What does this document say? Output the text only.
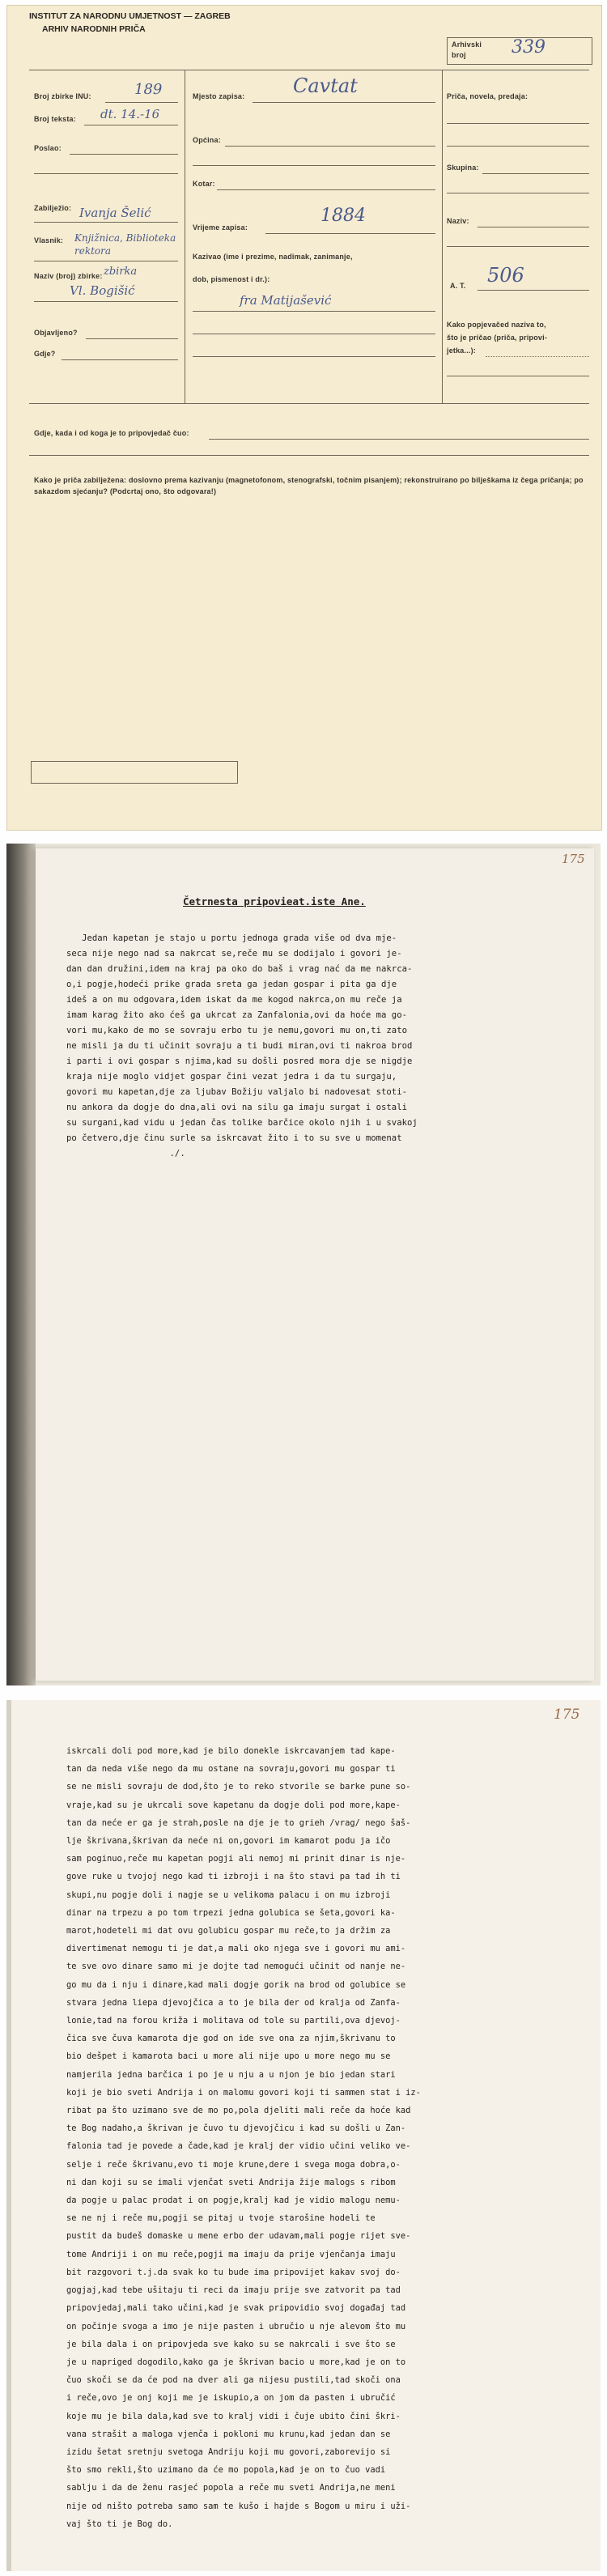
INSTITUT ZA NARODNU UMJETNOST — ZAGREB
ARHIV NARODNIH PRIČA
Arhivski
broj	339
Broj zbirke INU:	189
Broj teksta: dt. 14.-16
Poslao:
Zabilježio: Ivanja Šelić
Vlasnik: Knjižnica, Biblioteka rektora
Naziv (broj) zbirke: zbirka
Vl. Bogišić
Objavljeno?
Gdje?
Mjesto zapisa: Cavtat
Općina:
Kotar:
Vrijeme zapisa:
1884
Kazivao (ime i prezime, nadimak, zanimanje,
dob, pismenost i dr.):
fra Matijašević
Priča, novela, predaja:
Skupina:
Naziv:
A. T. 506
Kako popjevačed naziva to,
što je pričao (priča, pripovi-
jetka...):
Gdje, kada i od koga je to pripovjedač čuo:
Kako je priča zabilježena: doslovno prema kazivanju (magnetofonom, stenografski, točnim pisanjem); rekonstruirano po bilješkama iz čega pričanja; po sakazdom sjećanju? (Podcrtaj ono, što odgovara!)
175
Četrnesta pripovieat.iste Ane.
Jedan kapetan je stajo u portu jednoga grada više od dva mje-
seca nije nego nad sa nakrcat se,reče mu se dodijalo i govori je-
dan dan družini,idem na kraj pa oko do baš i vrag nać da me nakrca-
o,i pogje,hodeći prike grada sreta ga jedan gospar i pita ga dje
ideš a on mu odgovara,idem iskat da me kogod nakrca,on mu reče ja
imam karag žito ako ćeš ga ukrcat za Zanfalonia,ovi da hoće ma go-
vori mu,kako de mo se sovraju erbo tu je nemu,govori mu on,ti zato
ne misli ja du ti učinit sovraju a ti budi miran,ovi ti nakroa brod
i parti i ovi gospar s njima,kad su došli posred mora dje se nigdje
kraja nije moglo vidjet gospar čini vezat jedra i da tu surgaju,
govori mu kapetan,dje za ljubav Božiju valjalo bi nadovesat stoti-
nu ankora da dogje do dna,ali ovi na silu ga imaju surgat i ostali
su surgani,kad vidu u jedan čas tolike barčice okolo njih i u svakoj
po četvero,dje činu surle sa iskrcavat žito i to su sve u momenat
./.
175
iskrcali doli pod more,kad je bilo donekle iskrcavanjem tad kape-
tan da neda više nego da mu ostane na sovraju,govori mu gospar ti
se ne misli sovraju de dod,što je to reko stvorile se barke pune so-
vraje,kad su je ukrcali sove kapetanu da dogje doli pod more,kape-
tan da neće er ga je strah,posle na dje je to grieh /vrag/ nego šaš-
lje škrivana,škrivan da neće ni on,govori im kamarot podu ja ičo
sam poginuo,reče mu kapetan pogji ali nemoj mi prinit dinar is nje-
gove ruke u tvojoj nego kad ti izbroji i na što stavi pa tad ih ti
skupi,nu pogje doli i nagje se u velikoma palacu i on mu izbroji
dinar na trpezu a po tom trpezi jedna golubica se šeta,govori ka-
marot,hodeteli mi dat ovu golubicu gospar mu reče,to ja držim za
divertimenat nemogu ti je dat,a mali oko njega sve i govori mu ami-
te sve ovo dinare samo mi je dojte tad nemogući učinit od nanje ne-
go mu da i nju i dinare,kad mali dogje gorik na brod od golubice se
stvara jedna liepa djevojčica a to je bila der od kralja od Zanfa-
lonie,tad na forou križa i molitava od tole su partili,ova djevoj-
čica sve čuva kamarota dje god on ide sve ona za njim,škrivanu to
bio dešpet i kamarota baci u more ali nije upo u more nego mu se
namjerila jedna barčica i po je u nju a u njon je bio jedan stari
koji je bio sveti Andrija i on malomu govori koji ti sammen stat i iz-
ribat pa što uzimano sve de mo po,pola djeliti mali reče da hoće kad
te Bog nadaho,a škrivan je čuvo tu djevojčicu i kad su došli u Zan-
falonia tad je povede a čade,kad je kralj der vidio učini veliko ve-
selje i reče škrivanu,evo ti moje krune,dere i svega moga dobra,o-
ni dan koji su se imali vjenčat sveti Andrija žije malogs s ribom
da pogje u palac prodat i on pogje,kralj kad je vidio malogu nemu-
se ne nj i reče mu,pogji se pitaj u tvoje starošine hodeli te
pustit da budeš domaske u mene erbo der udavam,mali pogje rijet sve-
tome Andriji i on mu reče,pogji ma imaju da prije vjenčanja imaju
bit razgovori t.j.da svak ko tu bude ima pripovijet kakav svoj do-
gogjaj,kad tebe ušitaju ti reci da imaju prije sve zatvorit pa tad
pripovjedaj,mali tako učini,kad je svak pripovidio svoj događaj tad
on počinje svoga a imo je nije pasten i ubručio u nje alevom što mu
je bila dala i on pripovjeda sve kako su se nakrcali i sve što se
je u napriged dogodilo,kako ga je škrivan bacio u more,kad je on to
čuo skoči se da će pod na dver ali ga nijesu pustili,tad skoči ona
i reče,ovo je onj koji me je iskupio,a on jom da pasten i ubručić
koje mu je bila dala,kad sve to kralj vidi i čuje ubito čini škri-
vana strašit a maloga vjenča i pokloni mu krunu,kad jedan dan se
izidu šetat sretnju svetoga Andriju koji mu govori,zaborevijo si
što smo rekli,što uzimano da će mo popola,kad je on to čuo vadi
sablju i da de ženu rasjeć popola a reče mu sveti Andrija,ne meni
nije od ništo potreba samo sam te kušo i hajde s Bogom u miru i uži-
vaj što ti je Bog do.
